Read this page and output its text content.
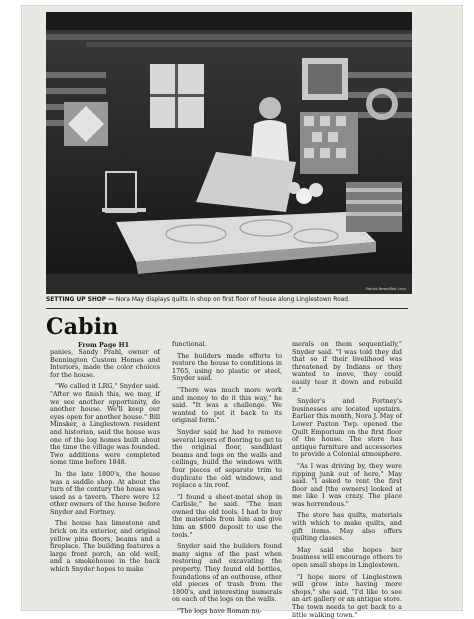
Patriot-News/Bob Levy
SETTING UP SHOP — Nora May displays quilts in shop on first floor of house along Linglestown Road.
Cabin
From Page H1

panies, Sandy Prahl, owner of Bennington Custom Homes and Interiors, made the color choices for the house.

"We called it LRG," Snyder said. "After we finish this, we may, if we see another opportunity, do another house. We'll keep our eyes open for another house." Bill Minsker, a Linglestown resident and historian, said the house was one of the log homes built about the time the village was founded. Two additions were completed some time before 1848.

In the late 1800's, the house was a saddle shop. At about the turn of the century the house was used as a tavern. There were 12 other owners of the house before Snyder and Fortney.

The house has limestone and brick on its exterior, and original yellow pine floors, beams and a fireplace. The building features a large front porch, an old well, and a smokehouse in the back which Snyder hopes to make

functional.

The builders made efforts to restore the house to conditions in 1765, using no plastic or steel, Snyder said.

"There was much more work and money to do it this way," he said. "It was a challenge. We wanted to put it back to its original form."

Snyder said he had to remove several layers of flooring to get to the original floor, sandblast beams and logs on the walls and ceilings, build the windows with four pieces of separate trim to duplicate the old windows, and replace a tin roof.

"I found a sheet-metal shop in Carlisle," he said. "The man owned the old tools. I had to buy the materials from him and give him an $800 deposit to use the tools."

Snyder said the builders found many signs of the past when restoring and excavating the property. They found old bottles, foundations of an outhouse, other old pieces of trash from the 1800's, and interesting numerals on each of the logs on the walls.

"The logs have Roman nu-

merals on them sequentially," Snyder said. "I was told they did that so if their livelihood was threatened by Indians or they wanted to move, they could easily tear it down and rebuild it."

Snyder's and Fortney's businesses are located upstairs. Earlier this month, Nora J. May of Lower Paxton Twp. opened the Quilt Emporium on the first floor of the house. The store has antique furniture and accessories to provide a Colonial atmosphere.

"As I was driving by, they were ripping junk out of here," May said. "I asked to rent the first floor and [the owners] looked at me like I was crazy. The place was horrendous."

The store has quilts, materials with which to make quilts, and gift items. May also offers quilting classes.

May said she hopes her business will encourage others to open small shops in Linglestown.

"I hope more of Linglestown will grow into having more shops," she said. "I'd like to see an art gallery or an antique store. The town needs to get back to a little walking town."
